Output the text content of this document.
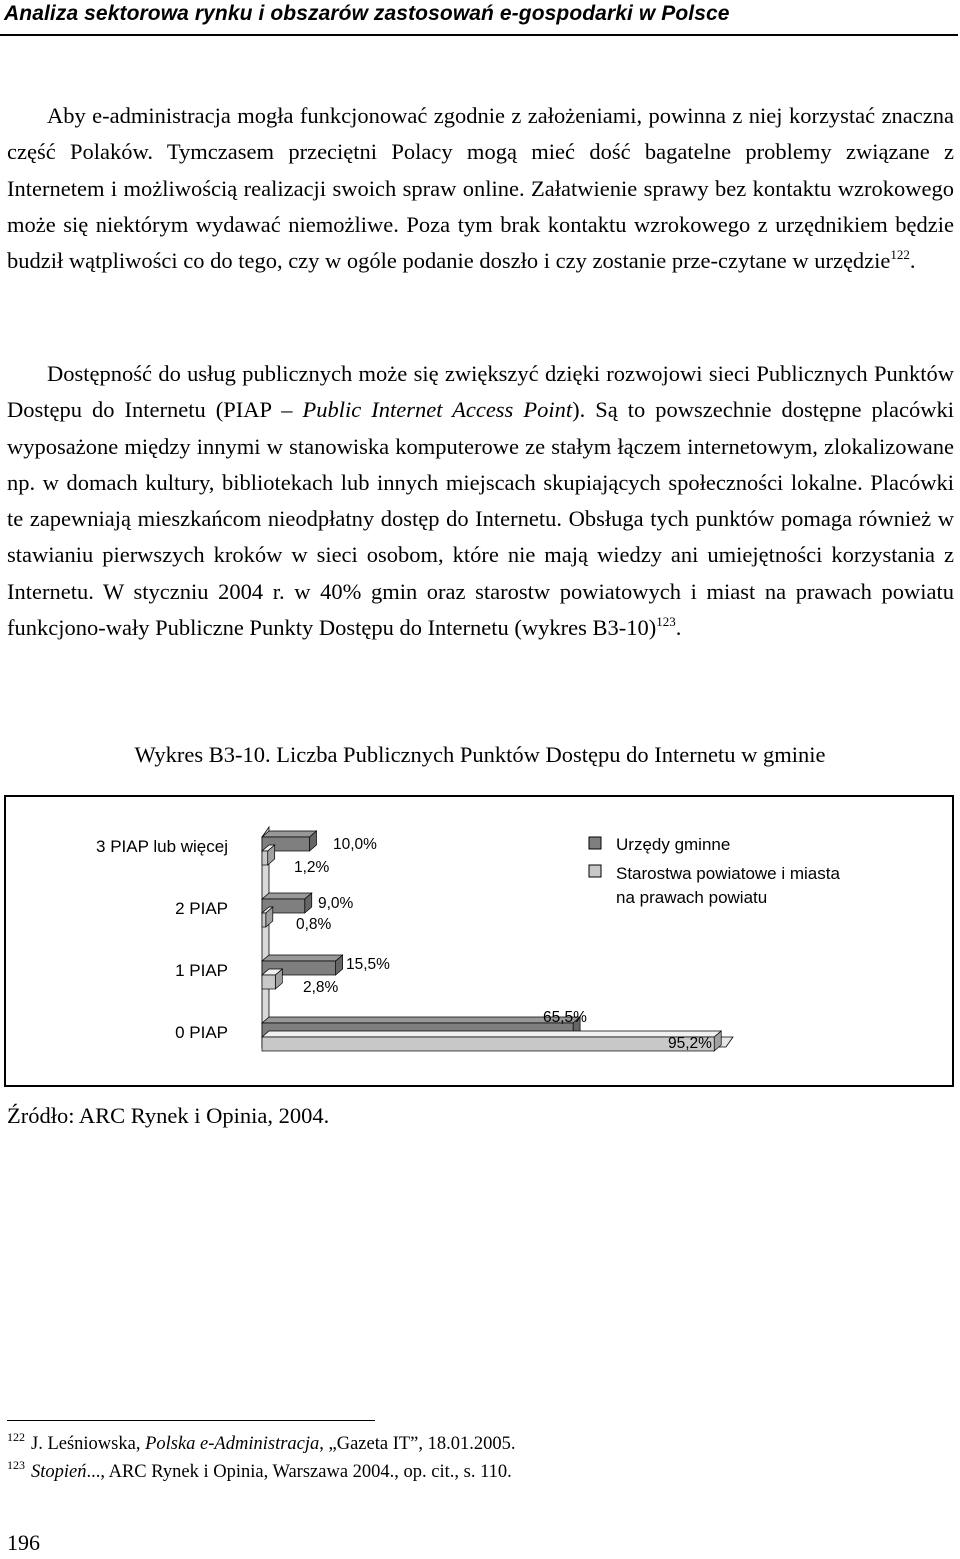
Analiza sektorowa rynku i obszarów zastosowań e-gospodarki w Polsce

Aby e-administracja mogła funkcjonować zgodnie z założeniami, powinna z niej korzystać znaczna część Polaków. Tymczasem przeciętni Polacy mogą mieć dość bagatelne problemy związane z Internetem i możliwością realizacji swoich spraw online. Załatwienie sprawy bez kontaktu wzrokowego może się niektórym wydawać niemożliwe. Poza tym brak kontaktu wzrokowego z urzędnikiem będzie budził wątpliwości co do tego, czy w ogóle podanie doszło i czy zostanie prze-czytane w urzędzie$^{122}$.

Dostępność do usług publicznych może się zwiększyć dzięki rozwojowi sieci Publicznych Punktów Dostępu do Internetu (PIAP – Public Internet Access Point). Są to powszechnie dostępne placówki wyposażone między innymi w stanowiska komputerowe ze stałym łączem internetowym, zlokalizowane np. w domach kultury, bibliotekach lub innych miejscach skupiających społeczności lokalne. Placówki te zapewniają mieszkańcom nieodpłatny dostęp do Internetu. Obsługa tych punktów pomaga również w stawianiu pierwszych kroków w sieci osobom, które nie mają wiedzy ani umiejętności korzystania z Internetu. W styczniu 2004 r. w 40% gmin oraz starostw powiatowych i miast na prawach powiatu funkcjono-wały Publiczne Punkty Dostępu do Internetu (wykres B3-10)$^{123}$.

Wykres B3-10. Liczba Publicznych Punktów Dostępu do Internetu w gminie
3 PIAP lub więcej
2 PIAP
1 PIAP
0 PIAP
10,0%
9,0%
15,5%
65,5%
1,2%
0,8%
2,8%
95,2%
Urzędy gminne
Starostwa powiatowe i miasta
na prawach powiatu
Źródło: ARC Rynek i Opinia, 2004.
$^{122}$ J. Leśniowska, Polska e-Administracja, „Gazeta IT”, 18.01.2005.
$^{123}$ Stopień..., ARC Rynek i Opinia, Warszawa 2004., op. cit., s. 110.
196
